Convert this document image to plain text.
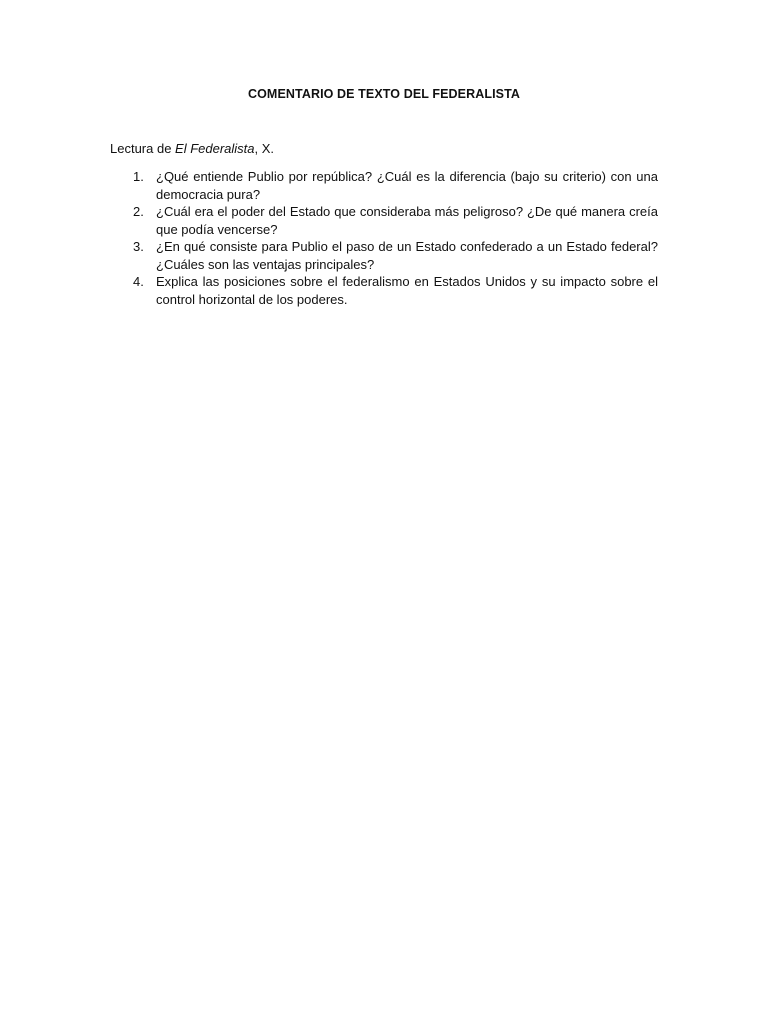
COMENTARIO DE TEXTO DEL FEDERALISTA
Lectura de El Federalista, X.
1. ¿Qué entiende Publio por república? ¿Cuál es la diferencia (bajo su criterio) con una democracia pura?
2. ¿Cuál era el poder del Estado que consideraba más peligroso? ¿De qué manera creía que podía vencerse?
3. ¿En qué consiste para Publio el paso de un Estado confederado a un Estado federal? ¿Cuáles son las ventajas principales?
4. Explica las posiciones sobre el federalismo en Estados Unidos y su impacto sobre el control horizontal de los poderes.
